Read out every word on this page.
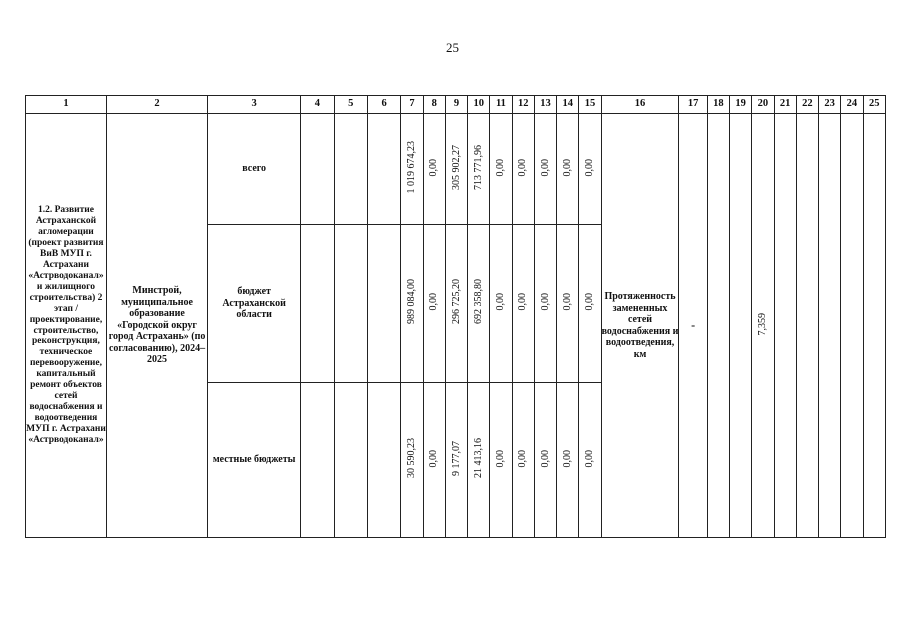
25
1	2	3	4	5	6	7	8	9	10	11	12	13	14	15	16	17	18	19	20	21	22	23	24	25
1.2. Развитие Астраханской агломерации (проект развития ВиВ МУП г. Астрахани «Астрводоканал» и жилищного строительства) 2 этап / проектирование, строительство, реконструкция, техническое перевооружение, капитальный ремонт объектов сетей водоснабжения и водоотведения МУП г. Астрахани «Астрводоканал»	Минстрой, муниципальное образование «Городской округ город Астрахань» (по согласованию), 2024–2025	всего				1 019 674,23	0,00	305 902,27	713 771,96	0,00	0,00	0,00	0,00	0,00	Протяженность замененных сетей водоснабжения и водоотведения, км	-			7,359					
		бюджет Астраханской области				989 084,00	0,00	296 725,20	692 358,80	0,00	0,00	0,00	0,00	0,00										
		местные бюджеты				30 590,23	0,00	9 177,07	21 413,16	0,00	0,00	0,00	0,00	0,00										
